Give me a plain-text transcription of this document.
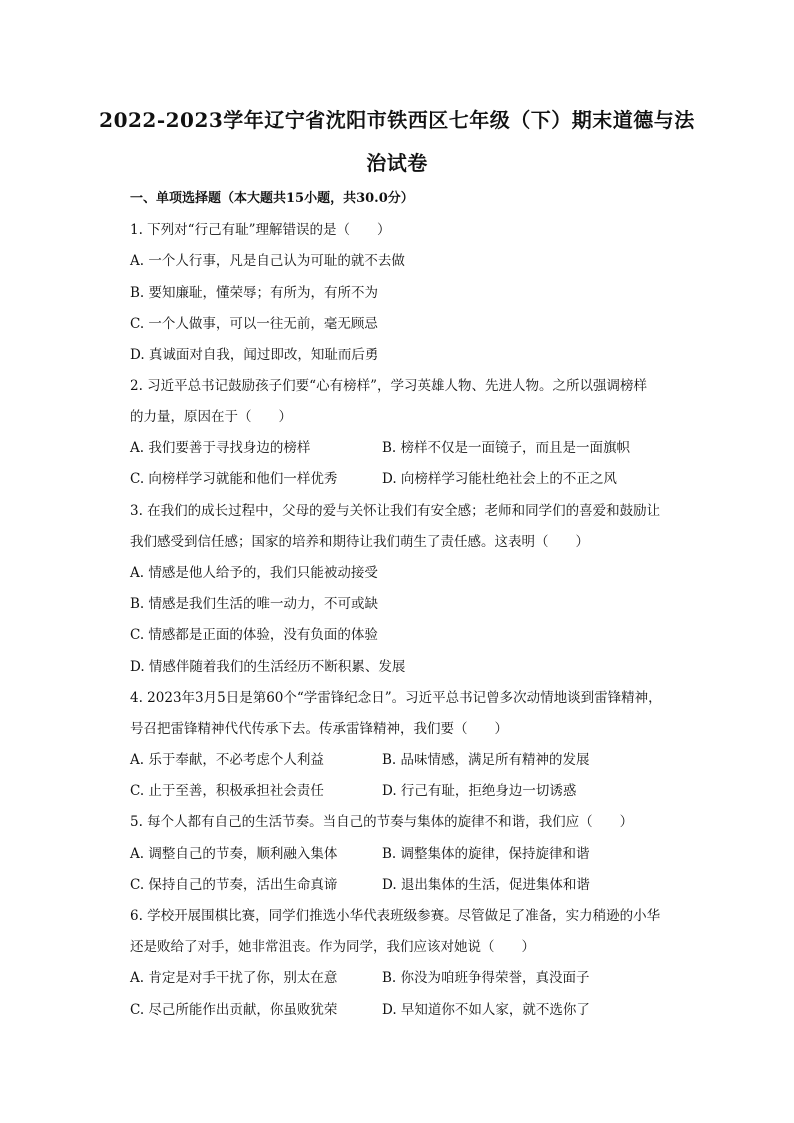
2022-2023学年辽宁省沈阳市铁西区七年级（下）期末道德与法
治试卷
一、单项选择题（本大题共15小题，共30.0分）
1. 下列对“行己有耻”理解错误的是（　　）
A. 一个人行事，凡是自己认为可耻的就不去做
B. 要知廉耻，懂荣辱；有所为，有所不为
C. 一个人做事，可以一往无前，毫无顾忌
D. 真诚面对自我，闻过即改，知耻而后勇
2. 习近平总书记鼓励孩子们要“心有榜样”，学习英雄人物、先进人物。之所以强调榜样
的力量，原因在于（　　）
A. 我们要善于寻找身边的榜样	B. 榜样不仅是一面镜子，而且是一面旗帜
C. 向榜样学习就能和他们一样优秀	D. 向榜样学习能杜绝社会上的不正之风
3. 在我们的成长过程中，父母的爱与关怀让我们有安全感；老师和同学们的喜爱和鼓励让
我们感受到信任感；国家的培养和期待让我们萌生了责任感。这表明（　　）
A. 情感是他人给予的，我们只能被动接受
B. 情感是我们生活的唯一动力，不可或缺
C. 情感都是正面的体验，没有负面的体验
D. 情感伴随着我们的生活经历不断积累、发展
4. 2023年3月5日是第60个“学雷锋纪念日”。习近平总书记曾多次动情地谈到雷锋精神，
号召把雷锋精神代代传承下去。传承雷锋精神，我们要（　　）
A. 乐于奉献，不必考虑个人利益	B. 品味情感，满足所有精神的发展
C. 止于至善，积极承担社会责任	D. 行己有耻，拒绝身边一切诱惑
5. 每个人都有自己的生活节奏。当自己的节奏与集体的旋律不和谐，我们应（　　）
A. 调整自己的节奏，顺利融入集体	B. 调整集体的旋律，保持旋律和谐
C. 保持自己的节奏，活出生命真谛	D. 退出集体的生活，促进集体和谐
6. 学校开展围棋比赛，同学们推选小华代表班级参赛。尽管做足了准备，实力稍逊的小华
还是败给了对手，她非常沮丧。作为同学，我们应该对她说（　　）
A. 肯定是对手干扰了你，别太在意	B. 你没为咱班争得荣誉，真没面子
C. 尽己所能作出贡献，你虽败犹荣	D. 早知道你不如人家，就不选你了
